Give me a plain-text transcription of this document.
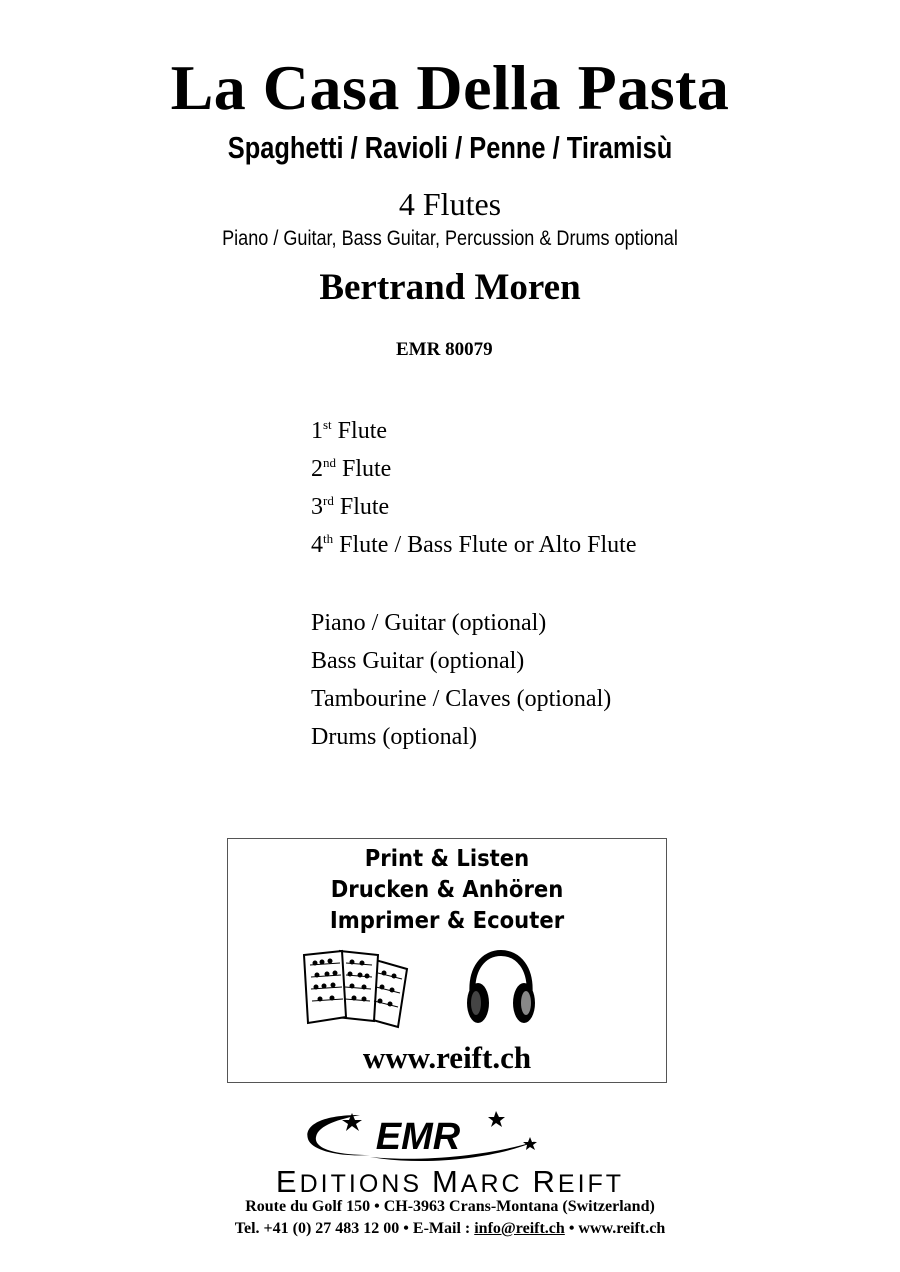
La Casa Della Pasta
Spaghetti / Ravioli / Penne / Tiramisù
4 Flutes
Piano / Guitar, Bass Guitar, Percussion & Drums optional
Bertrand Moren
EMR 80079
1st Flute
2nd Flute
3rd Flute
4th Flute / Bass Flute or Alto Flute
Piano / Guitar (optional)
Bass Guitar (optional)
Tambourine / Claves (optional)
Drums (optional)
Print & Listen
Drucken & Anhören
Imprimer & Ecouter
www.reift.ch
EMR
EDITIONS MARC REIFT
Route du Golf 150 • CH-3963 Crans-Montana (Switzerland)
Tel. +41 (0) 27 483 12 00 • E-Mail : info@reift.ch • www.reift.ch
